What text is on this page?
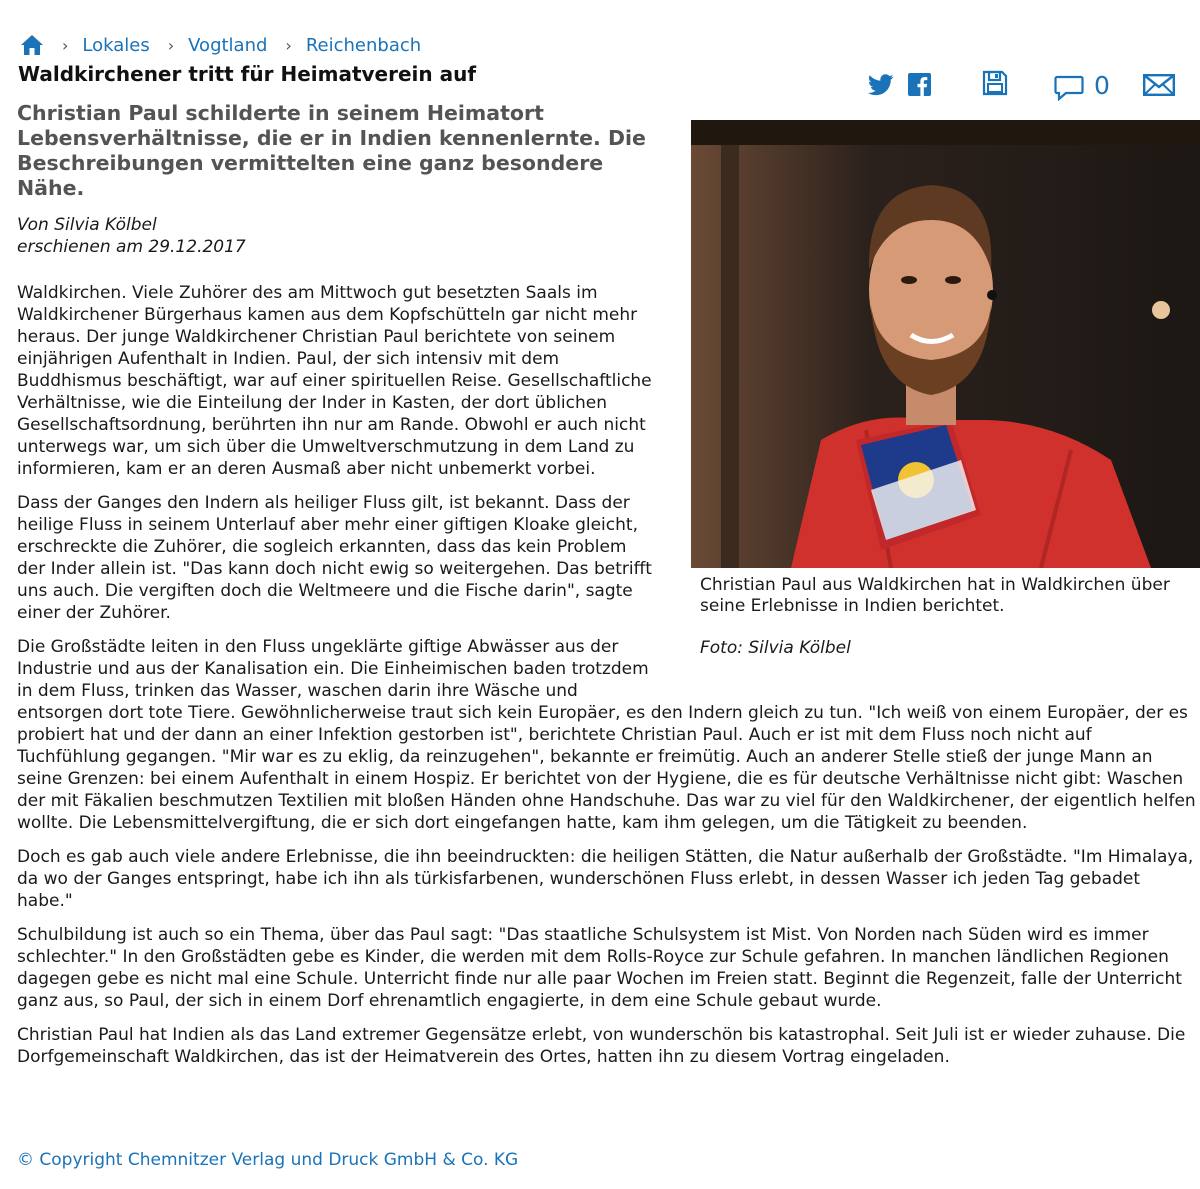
› Lokales › Vogtland › Reichenbach
Waldkirchener tritt für Heimatverein auf	0

Christian Paul schilderte in seinem Heimatort Lebensverhältnisse, die er in Indien kennenlernte. Die Beschreibungen vermittelten eine ganz besondere Nähe.

Von Silvia Kölbel
erschienen am 29.12.2017
Christian Paul aus Waldkirchen hat in Waldkirchen über seine Erlebnisse in Indien berichtet.
Foto: Silvia Kölbel

Waldkirchen. Viele Zuhörer des am Mittwoch gut besetzten Saals im Waldkirchener Bürgerhaus kamen aus dem Kopfschütteln gar nicht mehr heraus. Der junge Waldkirchener Christian Paul berichtete von seinem einjährigen Aufenthalt in Indien. Paul, der sich intensiv mit dem Buddhismus beschäftigt, war auf einer spirituellen Reise. Gesellschaftliche Verhältnisse, wie die Einteilung der Inder in Kasten, der dort üblichen Gesellschaftsordnung, berührten ihn nur am Rande. Obwohl er auch nicht unterwegs war, um sich über die Umweltverschmutzung in dem Land zu informieren, kam er an deren Ausmaß aber nicht unbemerkt vorbei.

Dass der Ganges den Indern als heiliger Fluss gilt, ist bekannt. Dass der heilige Fluss in seinem Unterlauf aber mehr einer giftigen Kloake gleicht, erschreckte die Zuhörer, die sogleich erkannten, dass das kein Problem der Inder allein ist. "Das kann doch nicht ewig so weitergehen. Das betrifft uns auch. Die vergiften doch die Weltmeere und die Fische darin", sagte einer der Zuhörer.

Die Großstädte leiten in den Fluss ungeklärte giftige Abwässer aus der Industrie und aus der Kanalisation ein. Die Einheimischen baden trotzdem in dem Fluss, trinken das Wasser, waschen darin ihre Wäsche und entsorgen dort tote Tiere. Gewöhnlicherweise traut sich kein Europäer, es den Indern gleich zu tun. "Ich weiß von einem Europäer, der es probiert hat und der dann an einer Infektion gestorben ist", berichtete Christian Paul. Auch er ist mit dem Fluss noch nicht auf Tuchfühlung gegangen. "Mir war es zu eklig, da reinzugehen", bekannte er freimütig. Auch an anderer Stelle stieß der junge Mann an seine Grenzen: bei einem Aufenthalt in einem Hospiz. Er berichtet von der Hygiene, die es für deutsche Verhältnisse nicht gibt: Waschen der mit Fäkalien beschmutzen Textilien mit bloßen Händen ohne Handschuhe. Das war zu viel für den Waldkirchener, der eigentlich helfen wollte. Die Lebensmittelvergiftung, die er sich dort eingefangen hatte, kam ihm gelegen, um die Tätigkeit zu beenden.

Doch es gab auch viele andere Erlebnisse, die ihn beeindruckten: die heiligen Stätten, die Natur außerhalb der Großstädte. "Im Himalaya, da wo der Ganges entspringt, habe ich ihn als türkisfarbenen, wunderschönen Fluss erlebt, in dessen Wasser ich jeden Tag gebadet habe."

Schulbildung ist auch so ein Thema, über das Paul sagt: "Das staatliche Schulsystem ist Mist. Von Norden nach Süden wird es immer schlechter." In den Großstädten gebe es Kinder, die werden mit dem Rolls-Royce zur Schule gefahren. In manchen ländlichen Regionen dagegen gebe es nicht mal eine Schule. Unterricht finde nur alle paar Wochen im Freien statt. Beginnt die Regenzeit, falle der Unterricht ganz aus, so Paul, der sich in einem Dorf ehrenamtlich engagierte, in dem eine Schule gebaut wurde.

Christian Paul hat Indien als das Land extremer Gegensätze erlebt, von wunderschön bis katastrophal. Seit Juli ist er wieder zuhause. Die Dorfgemeinschaft Waldkirchen, das ist der Heimatverein des Ortes, hatten ihn zu diesem Vortrag eingeladen.

© Copyright Chemnitzer Verlag und Druck GmbH & Co. KG
